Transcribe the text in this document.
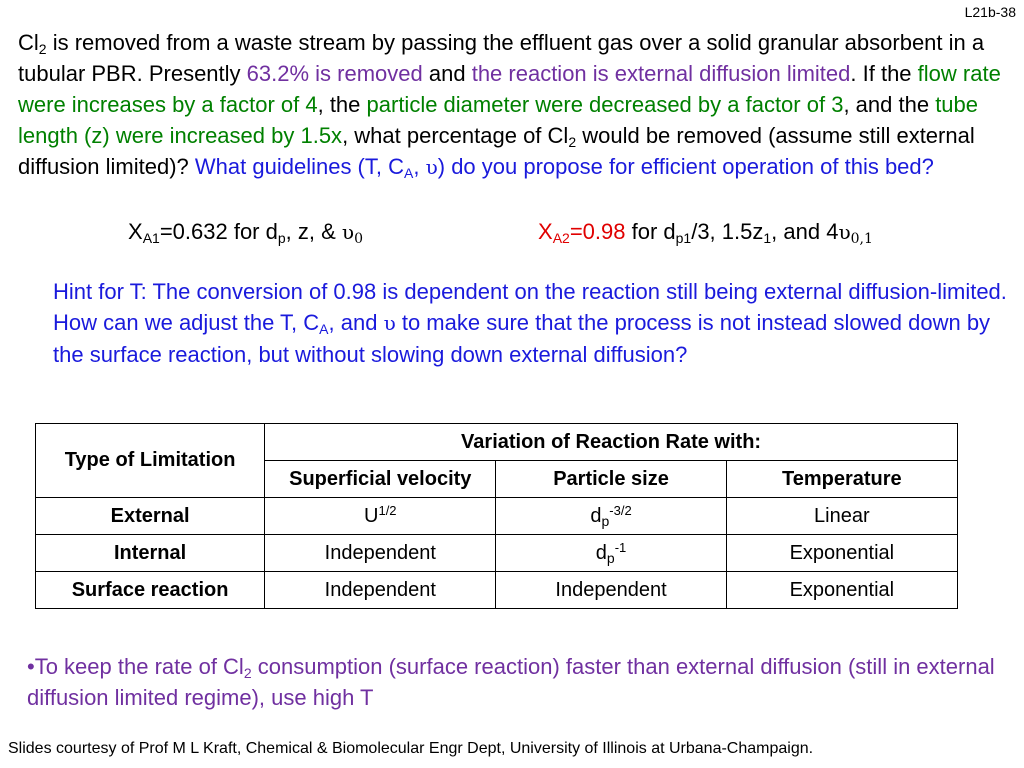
L21b-38
$Cl_2$ is removed from a waste stream by passing the effluent gas over a solid granular absorbent in a tubular PBR. Presently 63.2% is removed and the reaction is external diffusion limited. If the flow rate were increases by a factor of 4, the particle diameter were decreased by a factor of 3, and the tube length (z) were increased by 1.5x, what percentage of $Cl_2$ would be removed (assume still external diffusion limited)? What guidelines (T, $C_A$, υ) do you propose for efficient operation of this bed?
$X_{A1}=0.632$ for $d_p$, z, & $\upsilon_0$	$X_{A2}=0.98$ for $d_{p1}/3$, $1.5z_1$, and $4\upsilon_{0,1}$
Hint for T: The conversion of 0.98 is dependent on the reaction still being external diffusion-limited. How can we adjust the T, $C_A$, and υ to make sure that the process is not instead slowed down by the surface reaction, but without slowing down external diffusion?
Type of Limitation	Variation of Reaction Rate with:		
	Superficial velocity	Particle size	Temperature
External	$U^{1/2}$	$d_p^{-3/2}$	Linear
Internal	Independent	$d_p^{-1}$	Exponential
Surface reaction	Independent	Independent	Exponential
•To keep the rate of $Cl_2$ consumption (surface reaction) faster than external diffusion (still in external diffusion limited regime), use high T
Slides courtesy of Prof M L Kraft, Chemical & Biomolecular Engr Dept, University of Illinois at Urbana-Champaign.
